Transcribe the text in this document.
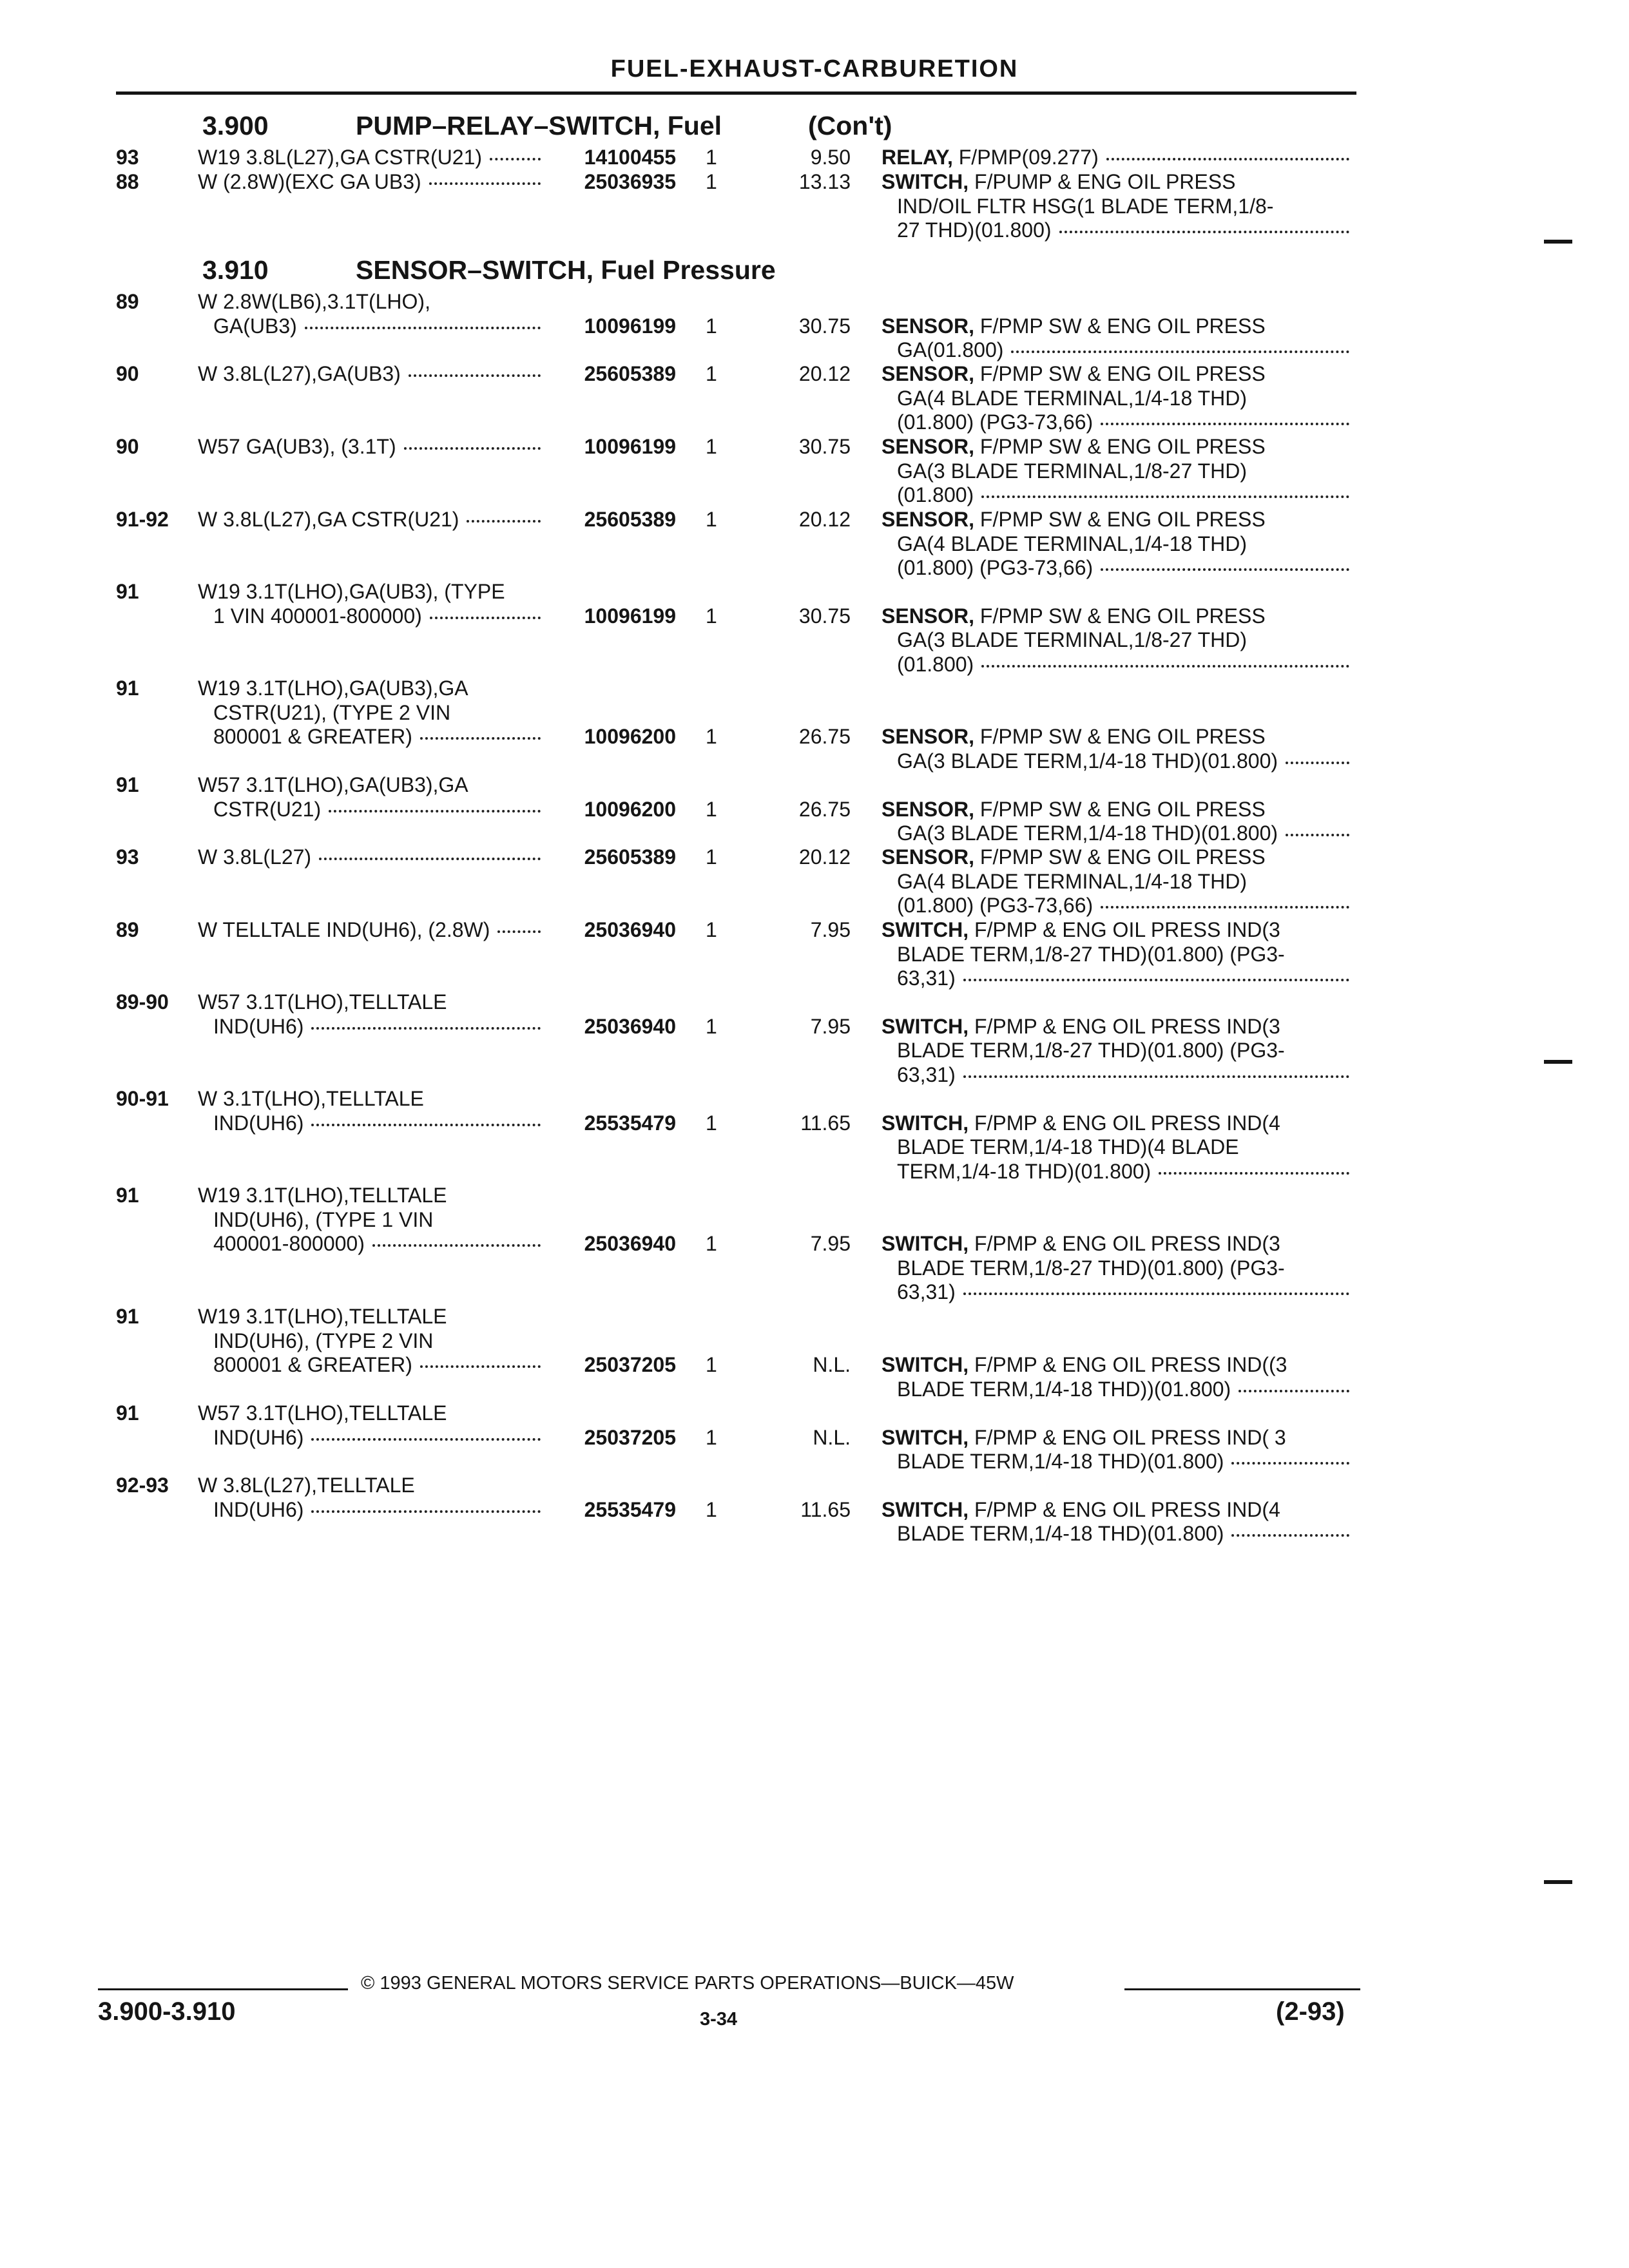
FUEL-EXHAUST-CARBURETION
3.900	PUMP–RELAY–SWITCH, Fuel	(Con't)
3.910	SENSOR–SWITCH, Fuel Pressure
93	W19 3.8L(L27),GA CSTR(U21)	14100455 1	9.50 RELAY, F/PMP(09.277)
88	W (2.8W)(EXC GA UB3)	25036935 1	13.13 SWITCH, F/PUMP & ENG OIL PRESS
IND/OIL FLTR HSG(1 BLADE TERM,1/8-
27 THD)(01.800)
89	W 2.8W(LB6),3.1T(LHO),
GA(UB3)	10096199 1	30.75 SENSOR, F/PMP SW & ENG OIL PRESS
GA(01.800)
90	W 3.8L(L27),GA(UB3)	25605389 1	20.12 SENSOR, F/PMP SW & ENG OIL PRESS
GA(4 BLADE TERMINAL,1/4-18 THD)
(01.800) (PG3-73,66)
90	W57 GA(UB3), (3.1T)	10096199 1	30.75 SENSOR, F/PMP SW & ENG OIL PRESS
GA(3 BLADE TERMINAL,1/8-27 THD)
(01.800)
91-92 W 3.8L(L27),GA CSTR(U21)	25605389 1	20.12 SENSOR, F/PMP SW & ENG OIL PRESS
GA(4 BLADE TERMINAL,1/4-18 THD)
(01.800) (PG3-73,66)
91	W19 3.1T(LHO),GA(UB3), (TYPE
1 VIN 400001-800000)	10096199 1	30.75 SENSOR, F/PMP SW & ENG OIL PRESS
GA(3 BLADE TERMINAL,1/8-27 THD)
(01.800)
91	W19 3.1T(LHO),GA(UB3),GA
CSTR(U21), (TYPE 2 VIN
800001 & GREATER)	10096200 1	26.75 SENSOR, F/PMP SW & ENG OIL PRESS
GA(3 BLADE TERM,1/4-18 THD)(01.800)
91	W57 3.1T(LHO),GA(UB3),GA
CSTR(U21)	10096200 1	26.75 SENSOR, F/PMP SW & ENG OIL PRESS
GA(3 BLADE TERM,1/4-18 THD)(01.800)
93	W 3.8L(L27)	25605389 1	20.12 SENSOR, F/PMP SW & ENG OIL PRESS
GA(4 BLADE TERMINAL,1/4-18 THD)
(01.800) (PG3-73,66)
89	W TELLTALE IND(UH6), (2.8W)	25036940 1	7.95 SWITCH, F/PMP & ENG OIL PRESS IND(3
BLADE TERM,1/8-27 THD)(01.800) (PG3-
63,31)
89-90 W57 3.1T(LHO),TELLTALE
IND(UH6)	25036940 1	7.95 SWITCH, F/PMP & ENG OIL PRESS IND(3
BLADE TERM,1/8-27 THD)(01.800) (PG3-
63,31)
90-91 W 3.1T(LHO),TELLTALE
IND(UH6)	25535479 1	11.65 SWITCH, F/PMP & ENG OIL PRESS IND(4
BLADE TERM,1/4-18 THD)(4 BLADE
TERM,1/4-18 THD)(01.800)
91	W19 3.1T(LHO),TELLTALE
IND(UH6), (TYPE 1 VIN
400001-800000)	25036940 1	7.95 SWITCH, F/PMP & ENG OIL PRESS IND(3
BLADE TERM,1/8-27 THD)(01.800) (PG3-
63,31)
91	W19 3.1T(LHO),TELLTALE
IND(UH6), (TYPE 2 VIN
800001 & GREATER)	25037205 1	N.L. SWITCH, F/PMP & ENG OIL PRESS IND((3
BLADE TERM,1/4-18 THD))(01.800)
91	W57 3.1T(LHO),TELLTALE
IND(UH6)	25037205 1	N.L. SWITCH, F/PMP & ENG OIL PRESS IND( 3
BLADE TERM,1/4-18 THD)(01.800)
92-93 W 3.8L(L27),TELLTALE
IND(UH6)	25535479 1	11.65 SWITCH, F/PMP & ENG OIL PRESS IND(4
BLADE TERM,1/4-18 THD)(01.800)
© 1993 GENERAL MOTORS SERVICE PARTS OPERATIONS—BUICK—45W
3.900-3.910	3-34	(2-93)
